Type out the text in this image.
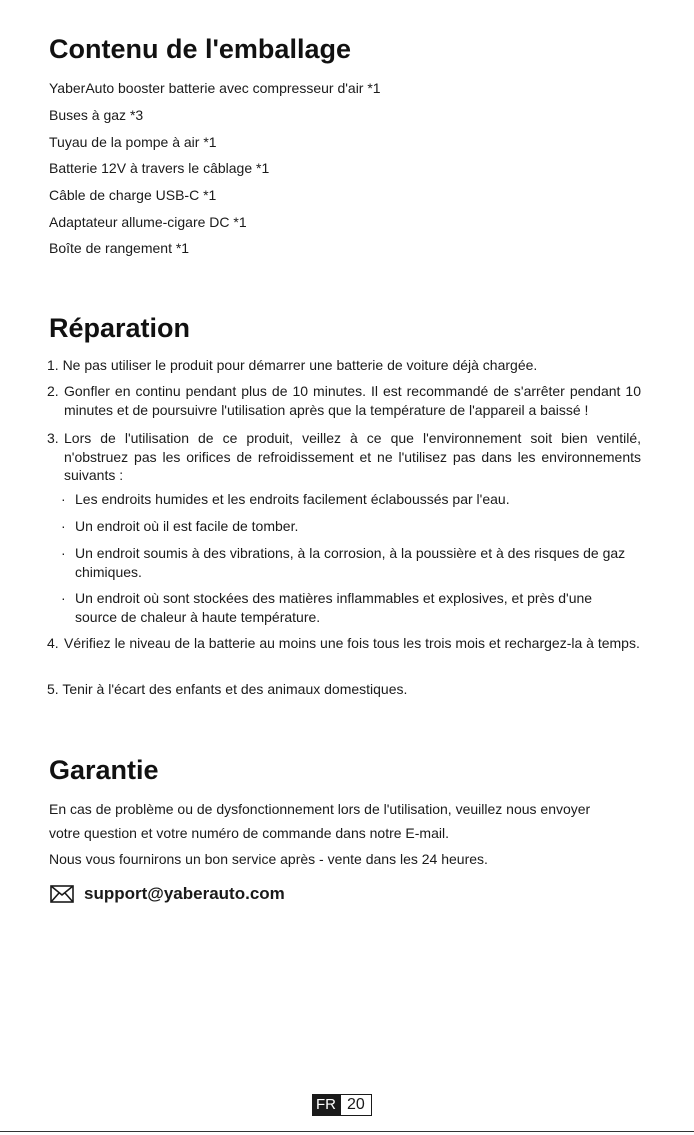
Contenu de l'emballage

YaberAuto booster batterie avec compresseur d'air *1

Buses à gaz *3

Tuyau de la pompe à air *1

Batterie 12V à travers le câblage *1

Câble de charge USB-C *1

Adaptateur allume-cigare DC *1

Boîte de rangement *1

Réparation

1. Ne pas utiliser le produit pour démarrer une batterie de voiture déjà chargée.

2. Gonfler en continu pendant plus de 10 minutes. Il est recommandé de s'arrêter pendant 10 minutes et de poursuivre l'utilisation après que la température de l'appareil a baissé !

3. Lors de l'utilisation de ce produit, veillez à ce que l'environnement soit bien ventilé, n'obstruez pas les orifices de refroidissement et ne l'utilisez pas dans les environnements suivants :

· Les endroits humides et les endroits facilement éclaboussés par l'eau.

· Un endroit où il est facile de tomber.

· Un endroit soumis à des vibrations, à la corrosion, à la poussière et à des risques de gaz chimiques.

· Un endroit où sont stockées des matières inflammables et explosives, et près d'une source de chaleur à haute température.

4. Vérifiez le niveau de la batterie au moins une fois tous les trois mois et rechargez-la à temps.

5. Tenir à l'écart des enfants et des animaux domestiques.

Garantie

En cas de problème ou de dysfonctionnement lors de l'utilisation, veuillez nous envoyer votre question et votre numéro de commande dans notre E-mail.

Nous vous fournirons un bon service après - vente dans les 24 heures.

support@yaberauto.com
FR 20
